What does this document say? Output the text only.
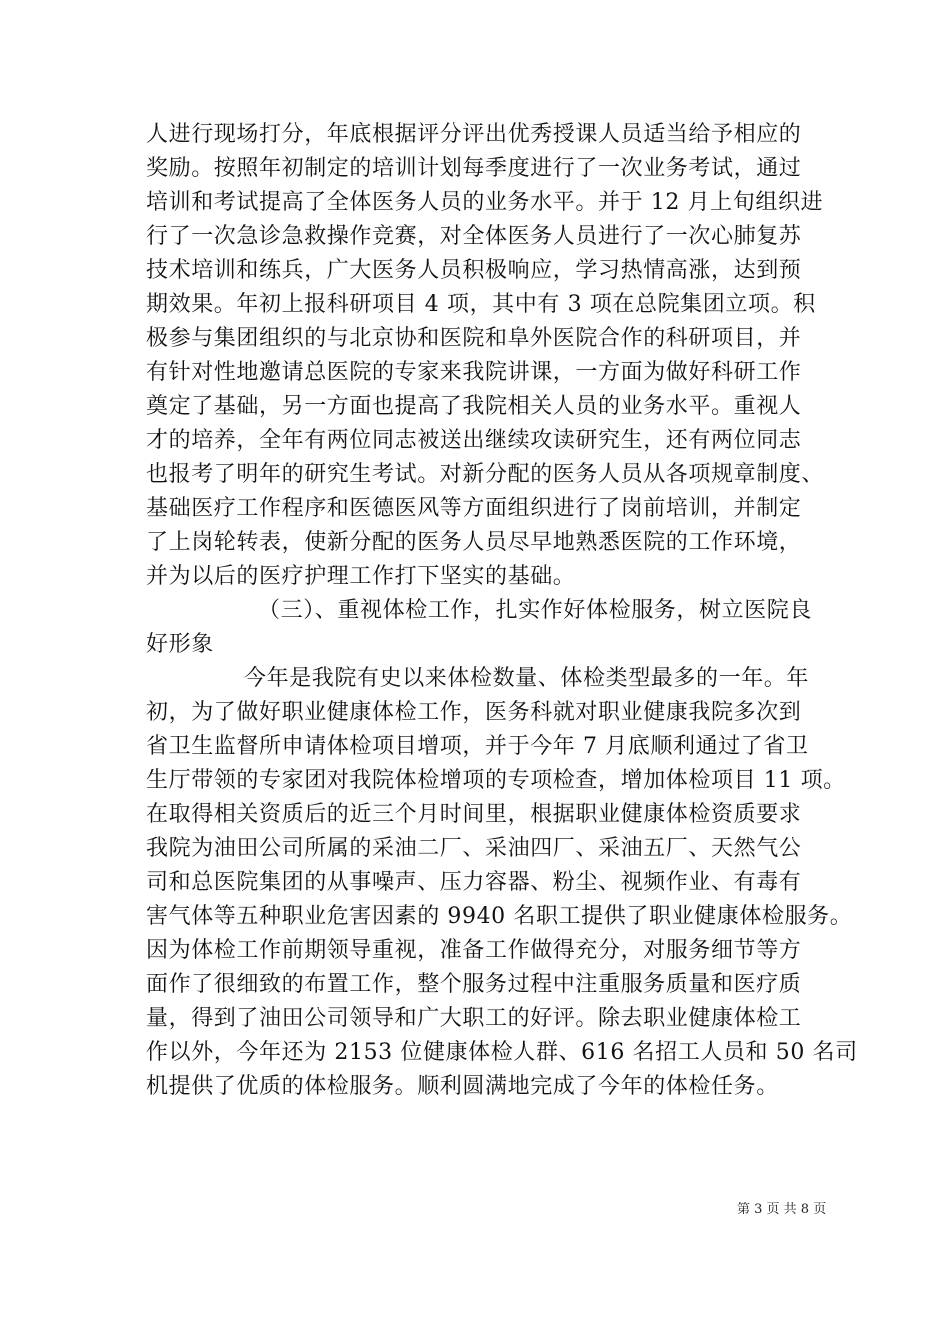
人进行现场打分，年底根据评分评出优秀授课人员适当给予相应的
奖励。按照年初制定的培训计划每季度进行了一次业务考试，通过
培训和考试提高了全体医务人员的业务水平。并于 12 月上旬组织进
行了一次急诊急救操作竞赛，对全体医务人员进行了一次心肺复苏
技术培训和练兵，广大医务人员积极响应，学习热情高涨，达到预
期效果。年初上报科研项目 4 项，其中有 3 项在总院集团立项。积
极参与集团组织的与北京协和医院和阜外医院合作的科研项目，并
有针对性地邀请总医院的专家来我院讲课，一方面为做好科研工作
奠定了基础，另一方面也提高了我院相关人员的业务水平。重视人
才的培养，全年有两位同志被送出继续攻读研究生，还有两位同志
也报考了明年的研究生考试。对新分配的医务人员从各项规章制度、
基础医疗工作程序和医德医风等方面组织进行了岗前培训，并制定
了上岗轮转表，使新分配的医务人员尽早地熟悉医院的工作环境，
并为以后的医疗护理工作打下坚实的基础。
（三）、重视体检工作，扎实作好体检服务，树立医院良
好形象
今年是我院有史以来体检数量、体检类型最多的一年。年
初，为了做好职业健康体检工作，医务科就对职业健康我院多次到
省卫生监督所申请体检项目增项，并于今年 7 月底顺利通过了省卫
生厅带领的专家团对我院体检增项的专项检查，增加体检项目 11 项。
在取得相关资质后的近三个月时间里，根据职业健康体检资质要求
我院为油田公司所属的采油二厂、采油四厂、采油五厂、天然气公
司和总医院集团的从事噪声、压力容器、粉尘、视频作业、有毒有
害气体等五种职业危害因素的 9940 名职工提供了职业健康体检服务。
因为体检工作前期领导重视，准备工作做得充分，对服务细节等方
面作了很细致的布置工作，整个服务过程中注重服务质量和医疗质
量，得到了油田公司领导和广大职工的好评。除去职业健康体检工
作以外，今年还为 2153 位健康体检人群、616 名招工人员和 50 名司
机提供了优质的体检服务。顺利圆满地完成了今年的体检任务。
第 3 页 共 8 页
